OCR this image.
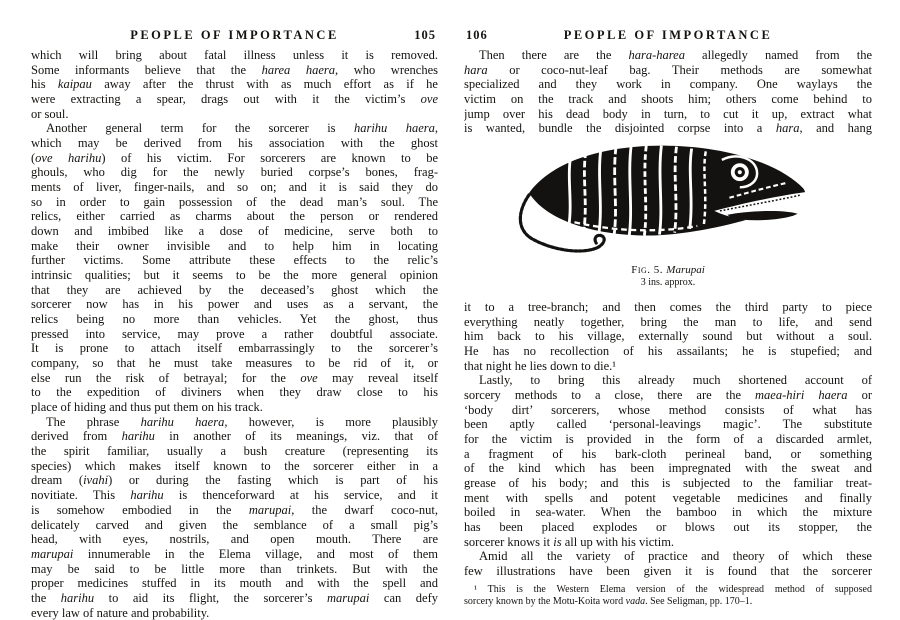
PEOPLE OF IMPORTANCE	105
which will bring about fatal illness unless it is removed.
Some informants believe that the harea haera, who wrenches
his kaipau away after the thrust with as much effort as if he
were extracting a spear, drags out with it the victim’s ove
or soul.
Another general term for the sorcerer is harihu haera,
which may be derived from his association with the ghost
(ove harihu) of his victim. For sorcerers are known to be
ghouls, who dig for the newly buried corpse’s bones, frag-
ments of liver, finger-nails, and so on; and it is said they do
so in order to gain possession of the dead man’s soul. The
relics, either carried as charms about the person or rendered
down and imbibed like a dose of medicine, serve both to
make their owner invisible and to help him in locating
further victims. Some attribute these effects to the relic’s
intrinsic qualities; but it seems to be the more general opinion
that they are achieved by the deceased’s ghost which the
sorcerer now has in his power and uses as a servant, the
relics being no more than vehicles. Yet the ghost, thus
pressed into service, may prove a rather doubtful associate.
It is prone to attach itself embarrassingly to the sorcerer’s
company, so that he must take measures to be rid of it, or
else run the risk of betrayal; for the ove may reveal itself
to the expedition of diviners when they draw close to his
place of hiding and thus put them on his track.
The phrase harihu haera, however, is more plausibly
derived from harihu in another of its meanings, viz. that of
the spirit familiar, usually a bush creature (representing its
species) which makes itself known to the sorcerer either in a
dream (ivahi) or during the fasting which is part of his
novitiate. This harihu is thenceforward at his service, and it
is somehow embodied in the marupai, the dwarf coco-nut,
delicately carved and given the semblance of a small pig’s
head, with eyes, nostrils, and open mouth. There are
marupai innumerable in the Elema village, and most of them
may be said to be little more than trinkets. But with the
proper medicines stuffed in its mouth and with the spell and
the harihu to aid its flight, the sorcerer’s marupai can defy
every law of nature and probability.
PEOPLE OF IMPORTANCE
106
Then there are the hara-harea allegedly named from the
hara or coco-nut-leaf bag. Their methods are somewhat
specialized and they work in company. One waylays the
victim on the track and shoots him; others come behind to
jump over his dead body in turn, to cut it up, extract what
is wanted, bundle the disjointed corpse into a hara, and hang
Fig. 5. Marupai
3 ins. approx.
it to a tree-branch; and then comes the third party to piece
everything neatly together, bring the man to life, and send
him back to his village, externally sound but without a soul.
He has no recollection of his assailants; he is stupefied; and
that night he lies down to die.¹
Lastly, to bring this already much shortened account of
sorcery methods to a close, there are the maea-hiri haera or
‘body dirt’ sorcerers, whose method consists of what has
been aptly called ‘personal-leavings magic’. The substitute
for the victim is provided in the form of a discarded armlet,
a fragment of his bark-cloth perineal band, or something
of the kind which has been impregnated with the sweat and
grease of his body; and this is subjected to the familiar treat-
ment with spells and potent vegetable medicines and finally
boiled in sea-water. When the bamboo in which the mixture
has been placed explodes or blows out its stopper, the
sorcerer knows it is all up with his victim.
Amid all the variety of practice and theory of which these
few illustrations have been given it is found that the sorcerer
¹ This is the Western Elema version of the widespread method of supposed
sorcery known by the Motu-Koita word vada. See Seligman, pp. 170–1.
